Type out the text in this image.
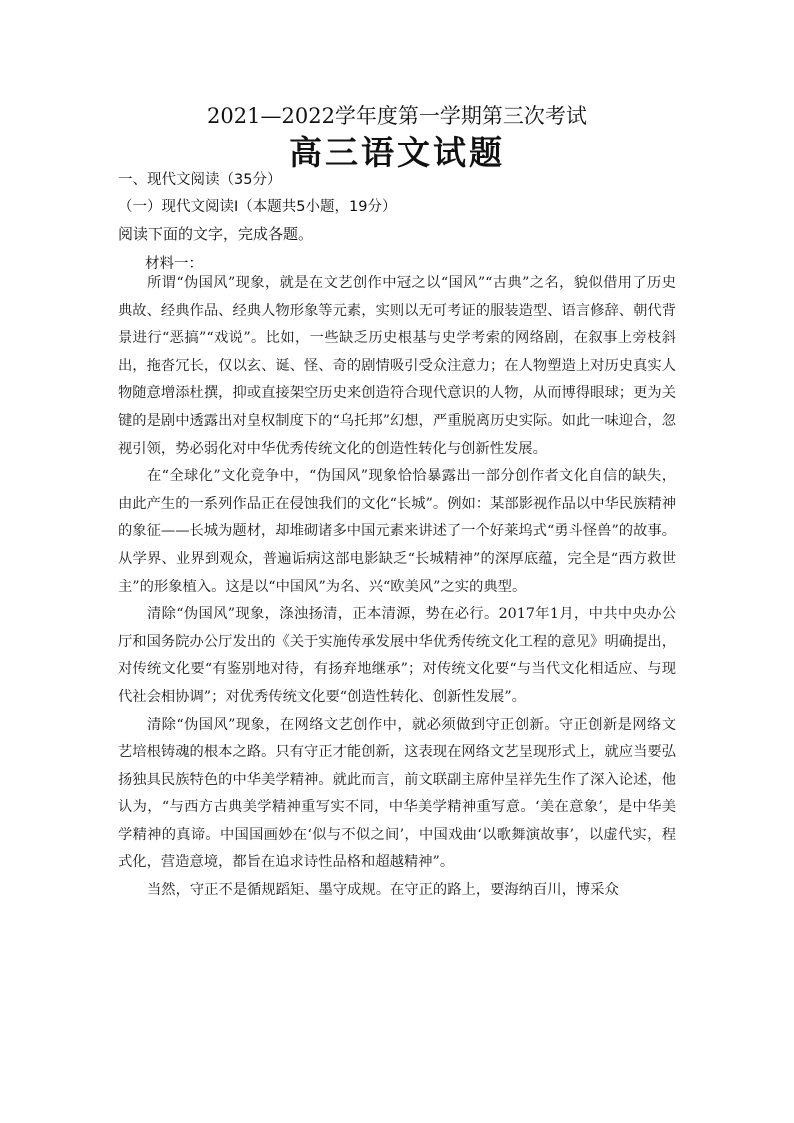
2021—2022学年度第一学期第三次考试
高三语文试题
一、现代文阅读（35分）
（一）现代文阅读Ⅰ（本题共5小题，19分）
阅读下面的文字，完成各题。
材料一：

所谓“伪国风”现象，就是在文艺创作中冠之以“国风”“古典”之名，貌似借用了历史典故、经典作品、经典人物形象等元素，实则以无可考证的服装造型、语言修辞、朝代背景进行“恶搞”“戏说”。比如，一些缺乏历史根基与史学考索的网络剧，在叙事上旁枝斜出，拖沓冗长，仅以玄、诞、怪、奇的剧情吸引受众注意力；在人物塑造上对历史真实人物随意增添杜撰，抑或直接架空历史来创造符合现代意识的人物，从而博得眼球；更为关键的是剧中透露出对皇权制度下的“乌托邦”幻想，严重脱离历史实际。如此一味迎合，忽视引领，势必弱化对中华优秀传统文化的创造性转化与创新性发展。

在“全球化”文化竞争中，“伪国风”现象恰恰暴露出一部分创作者文化自信的缺失，由此产生的一系列作品正在侵蚀我们的文化“长城”。例如：某部影视作品以中华民族精神的象征——长城为题材，却堆砌诸多中国元素来讲述了一个好莱坞式“勇斗怪兽”的故事。从学界、业界到观众，普遍诟病这部电影缺乏“长城精神”的深厚底蕴，完全是“西方救世主”的形象植入。这是以“中国风”为名、兴“欧美风”之实的典型。

清除“伪国风”现象，涤浊扬清，正本清源，势在必行。2017年1月，中共中央办公厅和国务院办公厅发出的《关于实施传承发展中华优秀传统文化工程的意见》明确提出，对传统文化要“有鉴别地对待，有扬弃地继承”；对传统文化要“与当代文化相适应、与现代社会相协调”；对优秀传统文化要“创造性转化、创新性发展”。

清除“伪国风”现象，在网络文艺创作中，就必须做到守正创新。守正创新是网络文艺培根铸魂的根本之路。只有守正才能创新，这表现在网络文艺呈现形式上，就应当要弘扬独具民族特色的中华美学精神。就此而言，前文联副主席仲呈祥先生作了深入论述，他认为，“与西方古典美学精神重写实不同，中华美学精神重写意。‘美在意象’，是中华美学精神的真谛。中国国画妙在‘似与不似之间’，中国戏曲‘以歌舞演故事’，以虚代实，程式化，营造意境，都旨在追求诗性品格和超越精神”。

当然，守正不是循规蹈矩、墨守成规。在守正的路上，要海纳百川，博采众
